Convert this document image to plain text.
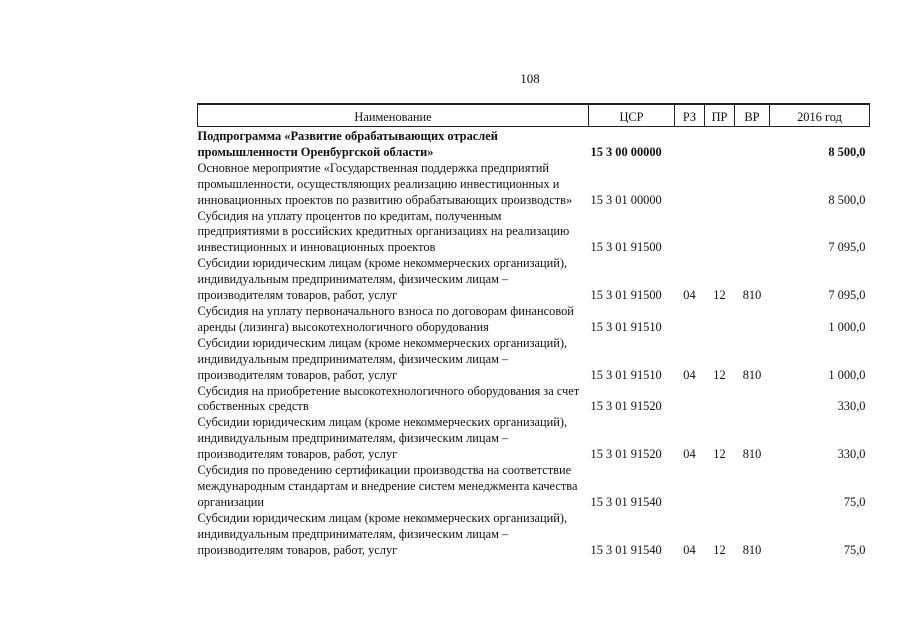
108
Наименование	ЦСР	РЗ	ПР	ВР	2016 год
Подпрограмма «Развитие обрабатывающих отраслей промышленности Оренбургской области»	15 3 00 00000				8 500,0
Основное мероприятие «Государственная поддержка предприятий промышленности, осуществляющих реализацию инвестиционных и инновационных проектов по развитию обрабатывающих производств»	15 3 01 00000				8 500,0
Субсидия на уплату процентов по кредитам, полученным предприятиями в российских кредитных организациях на реализацию инвестиционных и инновационных проектов	15 3 01 91500				7 095,0
Субсидии юридическим лицам (кроме некоммерческих организаций), индивидуальным предпринимателям, физическим лицам – производителям товаров, работ, услуг	15 3 01 91500	04	12	810	7 095,0
Субсидия на уплату первоначального взноса по договорам финансовой аренды (лизинга) высокотехнологичного оборудования	15 3 01 91510				1 000,0
Субсидии юридическим лицам (кроме некоммерческих организаций), индивидуальным предпринимателям, физическим лицам – производителям товаров, работ, услуг	15 3 01 91510	04	12	810	1 000,0
Субсидия на приобретение высокотехнологичного оборудования за счет собственных средств	15 3 01 91520				330,0
Субсидии юридическим лицам (кроме некоммерческих организаций), индивидуальным предпринимателям, физическим лицам – производителям товаров, работ, услуг	15 3 01 91520	04	12	810	330,0
Субсидия по проведению сертификации производства на соответствие международным стандартам и внедрение систем менеджмента качества организации	15 3 01 91540				75,0
Субсидии юридическим лицам (кроме некоммерческих организаций), индивидуальным предпринимателям, физическим лицам – производителям товаров, работ, услуг	15 3 01 91540	04	12	810	75,0
